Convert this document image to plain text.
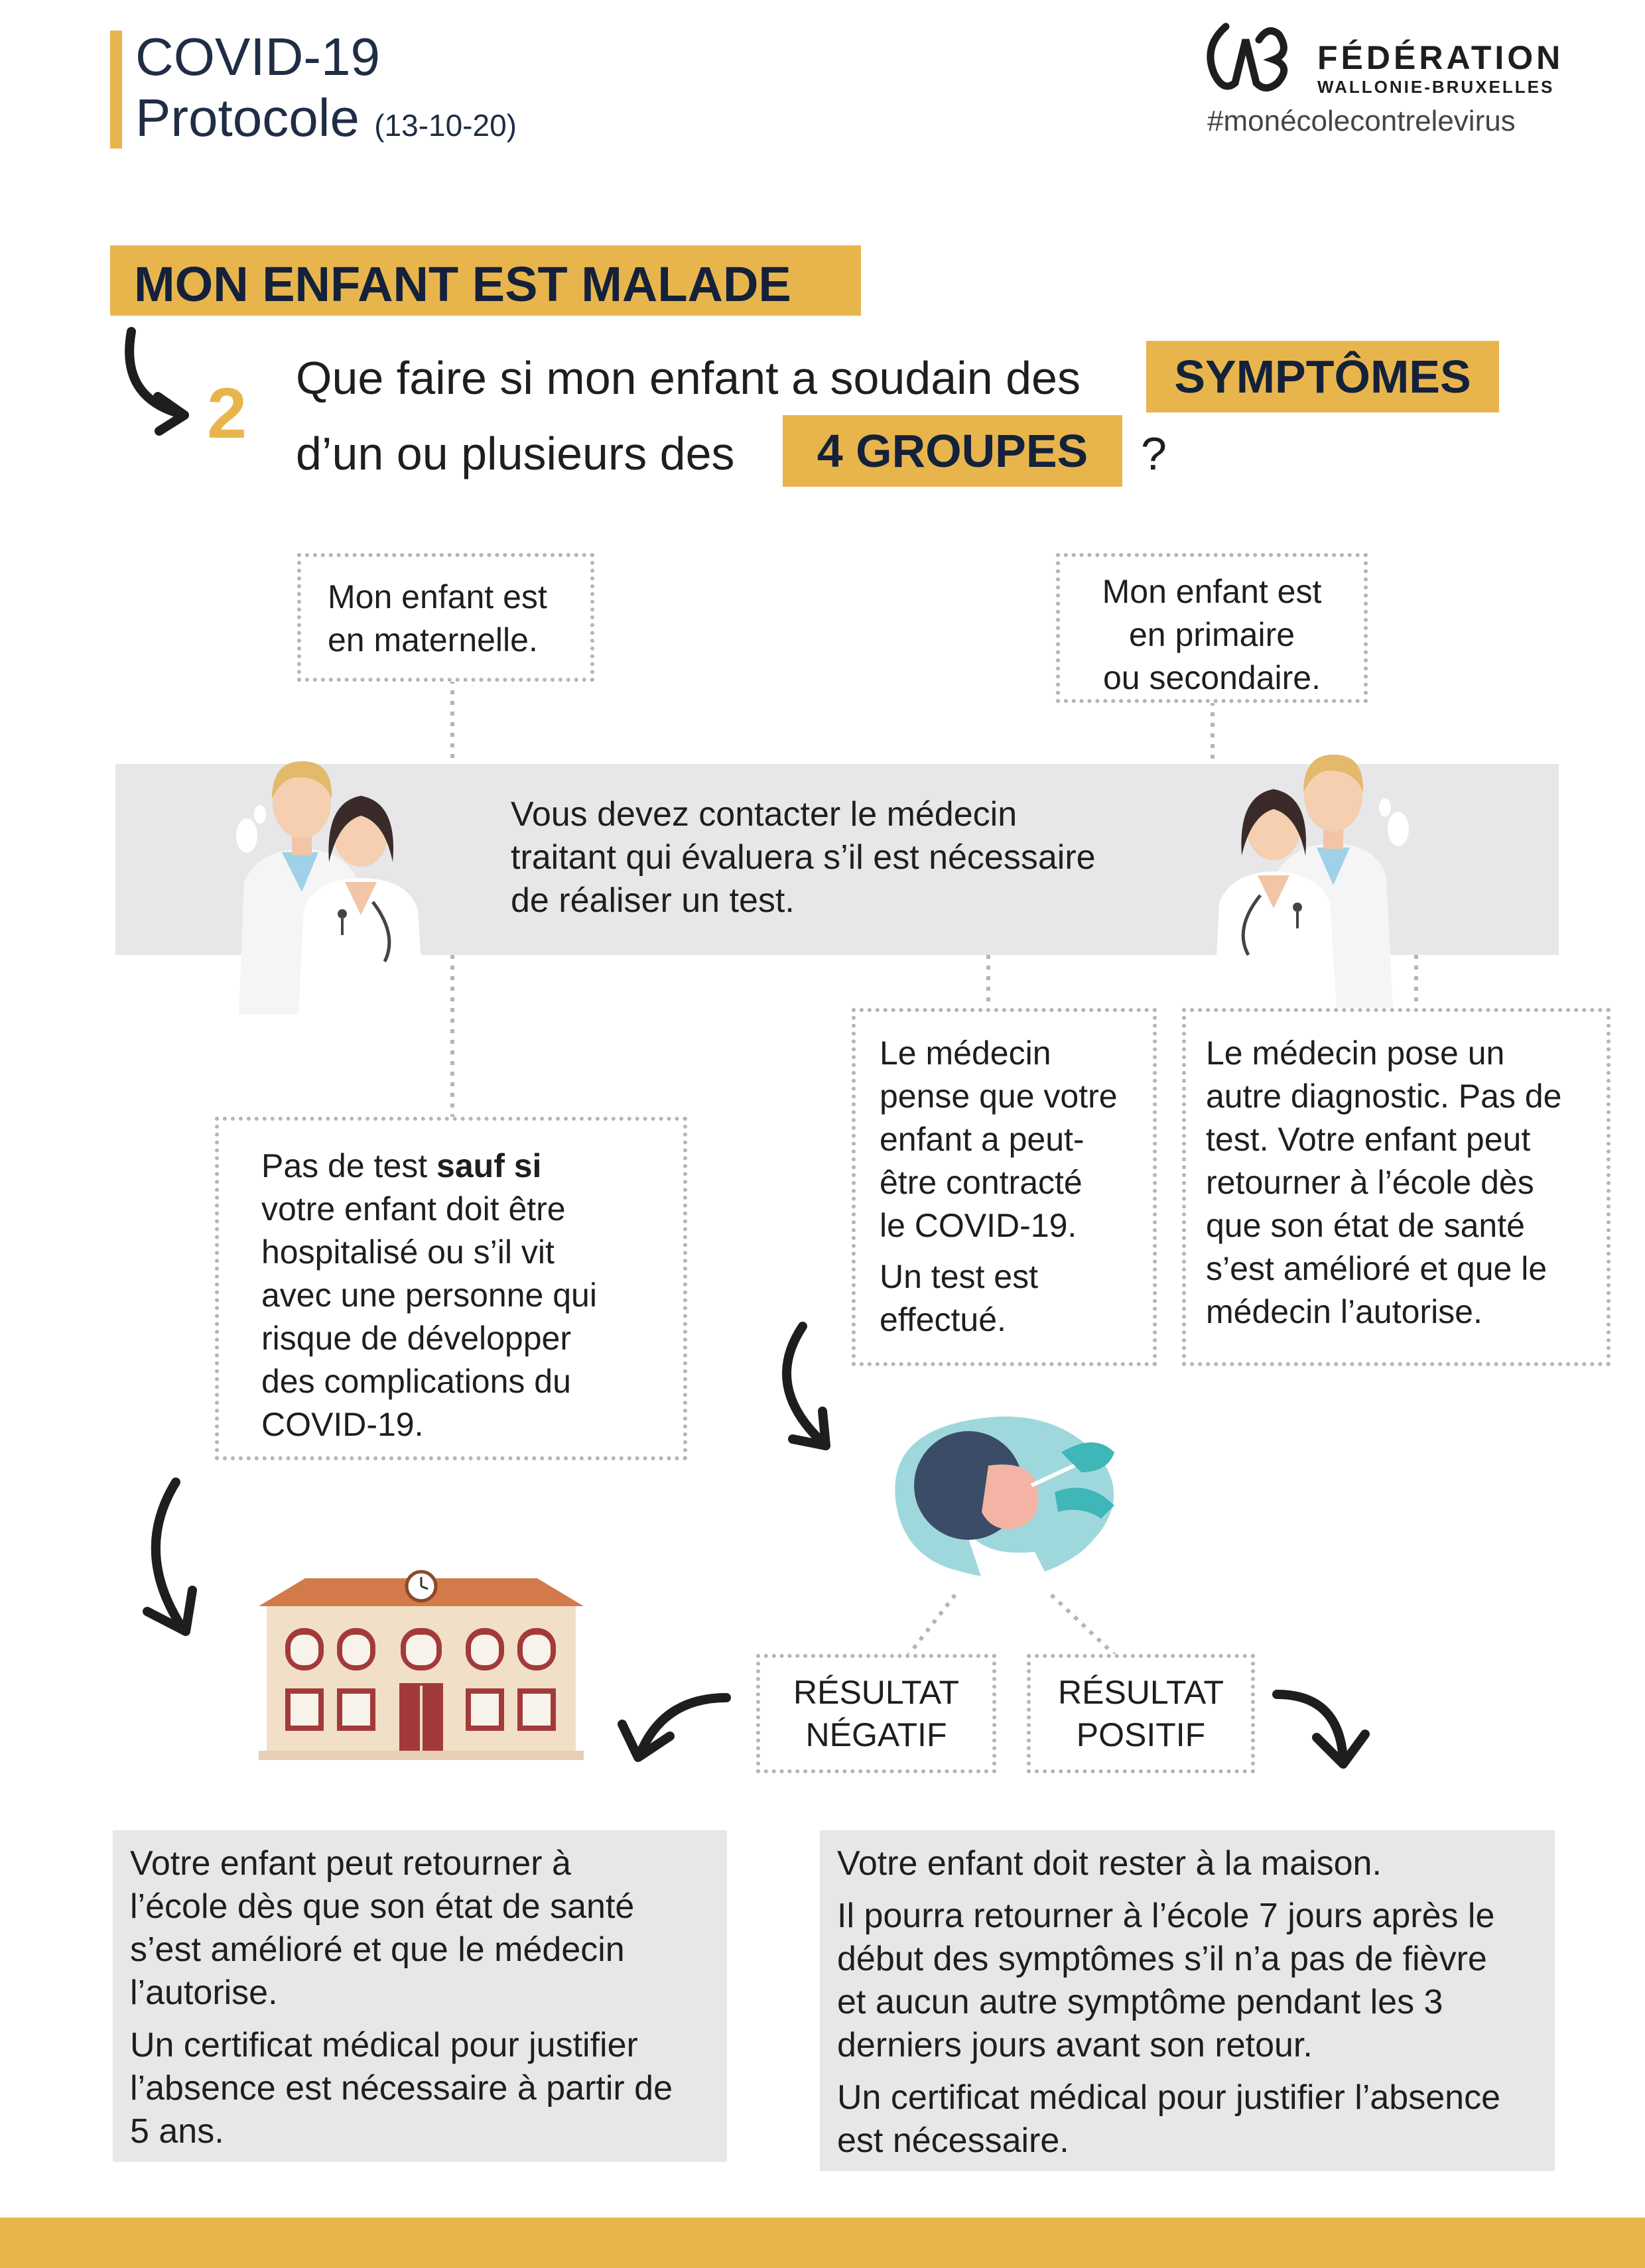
COVID-19
Protocole (13-10-20)
FÉDÉRATION
WALLONIE-BRUXELLES
#monécolecontrelevirus
MON ENFANT EST MALADE
2 Que faire si mon enfant a soudain des	SYMPTÔMES
d’un ou plusieurs des	4 GROUPES	?
Mon enfant est
en maternelle.
Mon enfant est
en primaire
ou secondaire.
Vous devez contacter le médecin
traitant qui évaluera s’il est nécessaire
de réaliser un test.
Pas de test sauf si
votre enfant doit être
hospitalisé ou s’il vit
avec une personne qui
risque de développer
des complications du
COVID-19.
Le médecin
pense que votre
enfant a peut-
être contracté
le COVID-19.
Un test est
effectué.
Le médecin pose un
autre diagnostic. Pas de
test. Votre enfant peut
retourner à l’école dès
que son état de santé
s’est amélioré et que le
médecin l’autorise.
RÉSULTAT
NÉGATIF
RÉSULTAT
POSITIF

Votre enfant peut retourner à
l’école dès que son état de santé
s’est amélioré et que le médecin
l’autorise.

Un certificat médical pour justifier
l’absence est nécessaire à partir de
5 ans.

Votre enfant doit rester à la maison.

Il pourra retourner à l’école 7 jours après le
début des symptômes s’il n’a pas de fièvre
et aucun autre symptôme pendant les 3
derniers jours avant son retour.

Un certificat médical pour justifier l’absence
est nécessaire.
